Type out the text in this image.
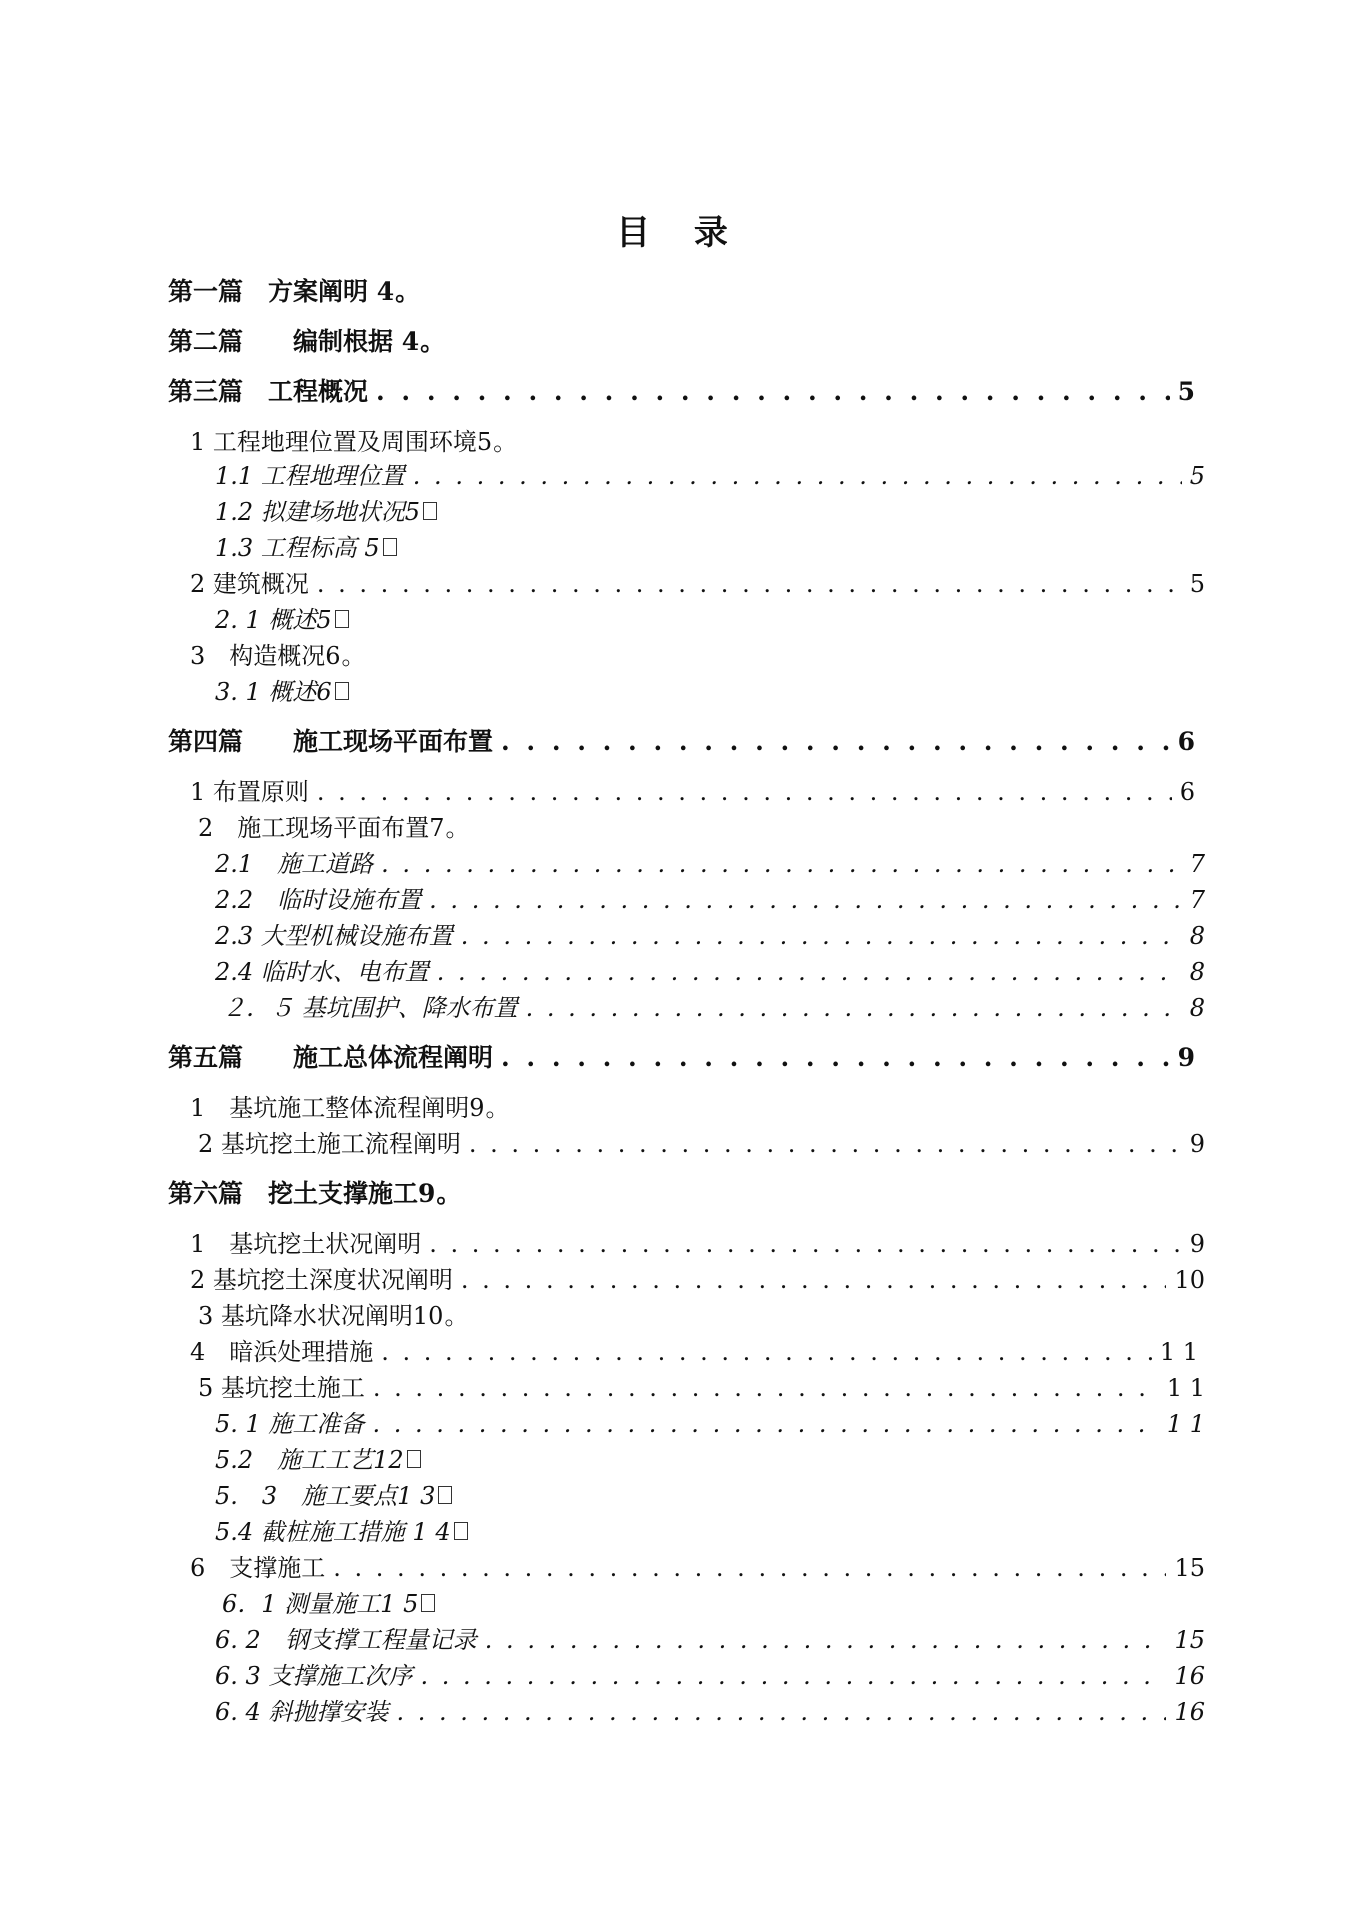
目 录
第一篇　方案阐明 4 。
第二篇　　编制根据 4 。
第三篇　工程概况 . . .	5
1 工程地理位置及周围环境5 。
1.1 工程地理位置 . . .	5
1.2 拟建场地状况5
1.3 工程标高 5
2 建筑概况 . . .	5
2. 1 概述5
3　构造概况6 。
3. 1 概述6
第四篇　　施工现场平面布置 . . .	6
1 布置原则 . . .	6
2　施工现场平面布置7 。
2.1　施工道路 . . .	7
2.2　临时设施布置 . . .	7
2.3 大型机械设施布置 . . .	8
2.4 临时水、电布置 . . .	8
２．５ 基坑围护、降水布置 . . .	8
第五篇　　施工总体流程阐明 . . .	9
1　基坑施工整体流程阐明9 。
2 基坑挖土施工流程阐明 . . .	9
第六篇　挖土支撑施工9 。
1　基坑挖土状况阐明 . . .	9
2 基坑挖土深度状况阐明 . . .	10
3 基坑降水状况阐明10 。
4　暗浜处理措施 . . .	1 1
5 基坑挖土施工 . . .	1 1
5. 1 施工准备 . . .	1 1
5.2　施工工艺12
5.　3　施工要点1 3
5.4 截桩施工措施 1 4
6　支撑施工 . . .	15
6．1 测量施工1 5
6. 2　钢支撑工程量记录 . . .	15
6. 3 支撑施工次序 . . .	16
6. 4 斜抛撑安装 . . .	16
